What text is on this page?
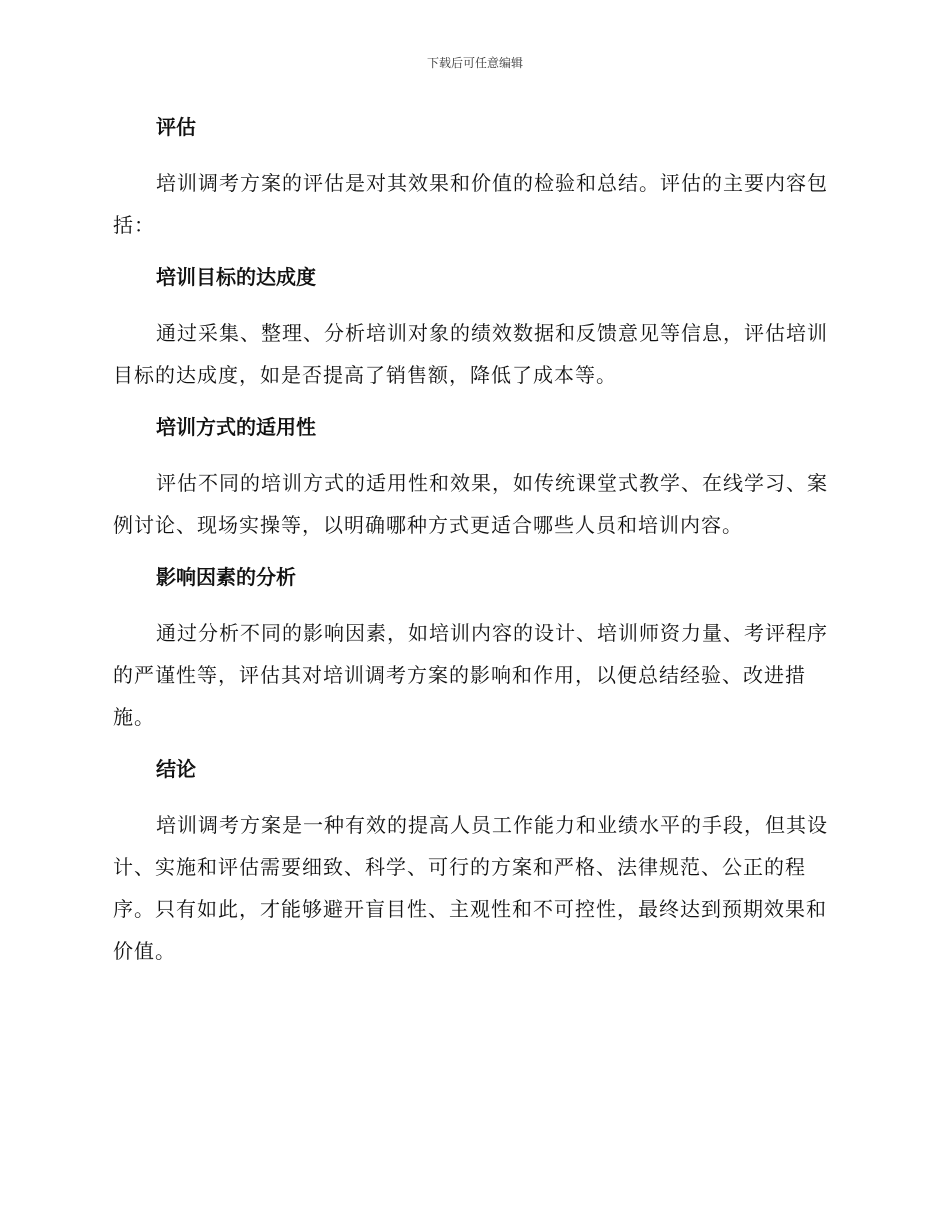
下载后可任意编辑
评估

培训调考方案的评估是对其效果和价值的检验和总结。评估的主要内容包括：

培训目标的达成度

通过采集、整理、分析培训对象的绩效数据和反馈意见等信息，评估培训目标的达成度，如是否提高了销售额，降低了成本等。

培训方式的适用性

评估不同的培训方式的适用性和效果，如传统课堂式教学、在线学习、案例讨论、现场实操等，以明确哪种方式更适合哪些人员和培训内容。

影响因素的分析

通过分析不同的影响因素，如培训内容的设计、培训师资力量、考评程序的严谨性等，评估其对培训调考方案的影响和作用，以便总结经验、改进措施。

结论

培训调考方案是一种有效的提高人员工作能力和业绩水平的手段，但其设计、实施和评估需要细致、科学、可行的方案和严格、法律规范、公正的程序。只有如此，才能够避开盲目性、主观性和不可控性，最终达到预期效果和价值。
